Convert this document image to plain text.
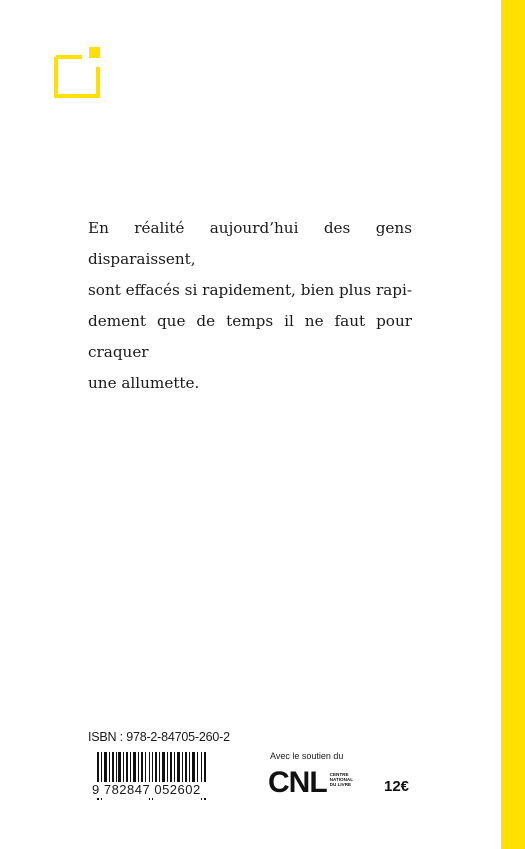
En réalité aujourd’hui des gens disparaissent,
sont effacés si rapidement, bien plus rapi-
dement que de temps il ne faut pour craquer
une allumette.
ISBN : 978-2-84705-260-2
9 782847 052602
Avec le soutien du
CNL CENTRE
NATIONAL
DU LIVRE 12€
